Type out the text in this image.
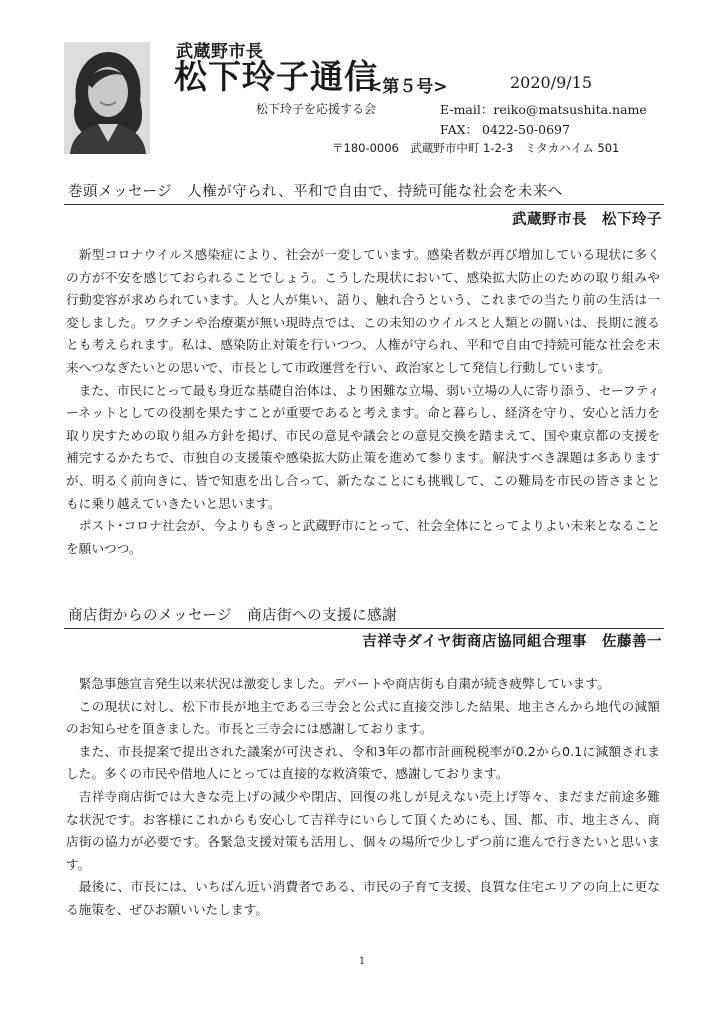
武蔵野市長
松下玲子通信
<第５号>	2020/9/15
松下玲子を応援する会	E-mail：reiko@matsushita.name
FAX： 0422-50-0697
〒180-0006　武蔵野市中町 1-2-3　ミタカハイム 501
巻頭メッセージ　人権が守られ、平和で自由で、持続可能な社会を未来へ
武蔵野市長　松下玲子

新型コロナウイルス感染症により、社会が一変しています。感染者数が再び増加している現状に多くの方が不安を感じておられることでしょう。こうした現状において、感染拡大防止のための取り組みや行動変容が求められています。人と人が集い、語り、触れ合うという、これまでの当たり前の生活は一変しました。ワクチンや治療薬が無い現時点では、この未知のウイルスと人類との闘いは、長期に渡るとも考えられます。私は、感染防止対策を行いつつ、人権が守られ、平和で自由で持続可能な社会を未来へつなぎたいとの思いで、市長として市政運営を行い、政治家として発信し行動しています。

また、市民にとって最も身近な基礎自治体は、より困難な立場、弱い立場の人に寄り添う、セーフティーネットとしての役割を果たすことが重要であると考えます。命と暮らし、経済を守り、安心と活力を取り戻すための取り組み方針を掲げ、市民の意見や議会との意見交換を踏まえて、国や東京都の支援を補完するかたちで、市独自の支援策や感染拡大防止策を進めて参ります。解決すべき課題は多ありますが、明るく前向きに、皆で知恵を出し合って、新たなことにも挑戦して、この難局を市民の皆さまとともに乗り越えていきたいと思います。

ポスト･コロナ社会が、今よりもきっと武蔵野市にとって、社会全体にとってよりよい未来となることを願いつつ。

商店街からのメッセージ　商店街への支援に感謝
吉祥寺ダイヤ街商店協同組合理事　佐藤善一

緊急事態宣言発生以来状況は激変しました。デパートや商店街も自粛が続き疲弊しています。

この現状に対し、松下市長が地主である三寺会と公式に直接交渉した結果、地主さんから地代の減額のお知らせを頂きました。市長と三寺会には感謝しております。

また、市長提案で提出された議案が可決され、令和3年の都市計画税税率が0.2から0.1に減額されました。多くの市民や借地人にとっては直接的な救済策で、感謝しております。

吉祥寺商店街では大きな売上げの減少や閉店、回復の兆しが見えない売上げ等々、まだまだ前途多難な状況です。お客様にこれからも安心して吉祥寺にいらして頂くためにも、国、都、市、地主さん、商店街の協力が必要です。各緊急支援対策も活用し、個々の場所で少しずつ前に進んで行きたいと思います。

最後に、市長には、いちばん近い消費者である、市民の子育て支援、良質な住宅エリアの向上に更なる施策を、ぜひお願いいたします。

1
